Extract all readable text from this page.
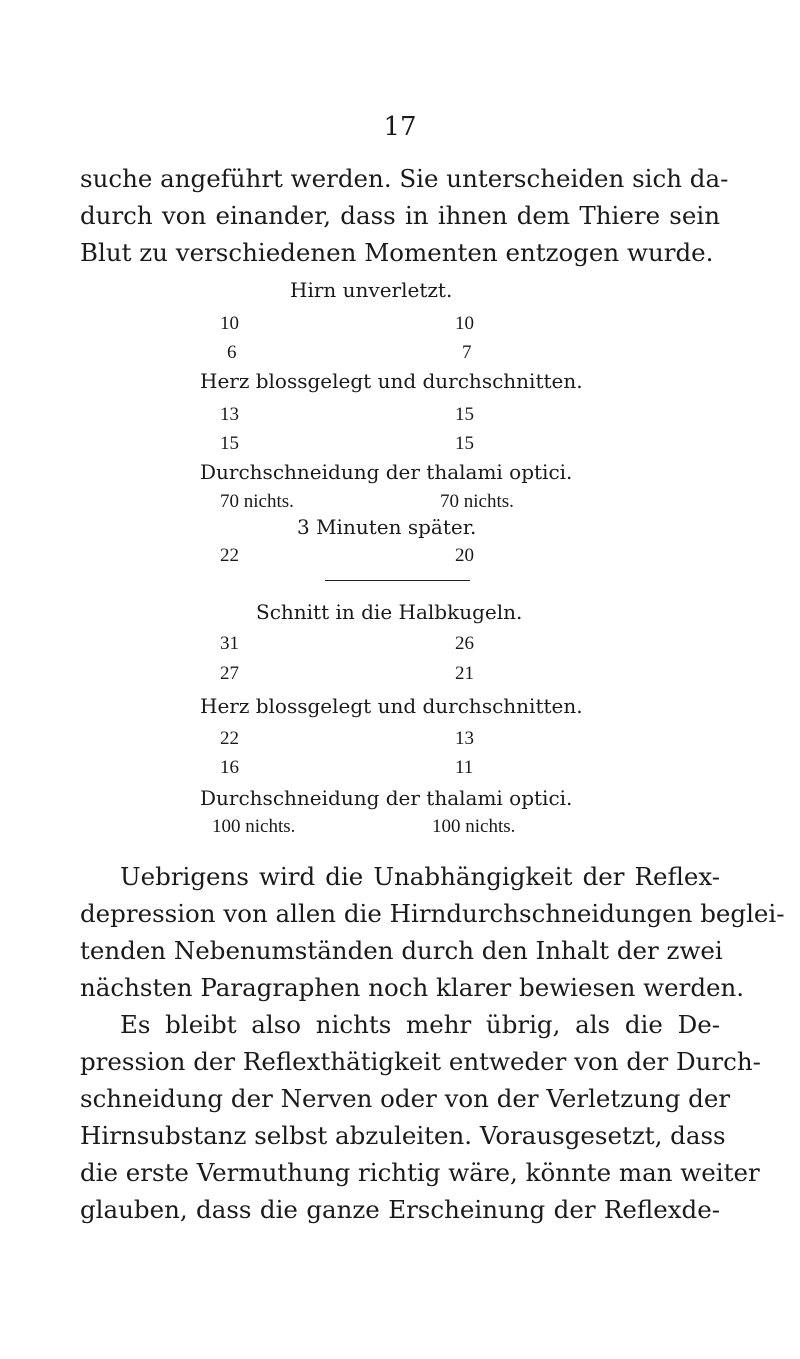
17
suche angeführt werden. Sie unterscheiden sich da-
durch von einander, dass in ihnen dem Thiere sein
Blut zu verschiedenen Momenten entzogen wurde.
Hirn unverletzt.
10	10
6	7
Herz blossgelegt und durchschnitten.
13	15
15	15
Durchschneidung der thalami optici.
70 nichts.	70 nichts.
3 Minuten später.
22	20
Schnitt in die Halbkugeln.
31	26
27	21
Herz blossgelegt und durchschnitten.
22	13
16	11
Durchschneidung der thalami optici.
100 nichts.	100 nichts.
Uebrigens wird die Unabhängigkeit der Reflex-
depression von allen die Hirndurchschneidungen beglei-
tenden Nebenumständen durch den Inhalt der zwei
nächsten Paragraphen noch klarer bewiesen werden.
Es bleibt also nichts mehr übrig, als die De-
pression der Reflexthätigkeit entweder von der Durch-
schneidung der Nerven oder von der Verletzung der
Hirnsubstanz selbst abzuleiten. Vorausgesetzt, dass
die erste Vermuthung richtig wäre, könnte man weiter
glauben, dass die ganze Erscheinung der Reflexde-
